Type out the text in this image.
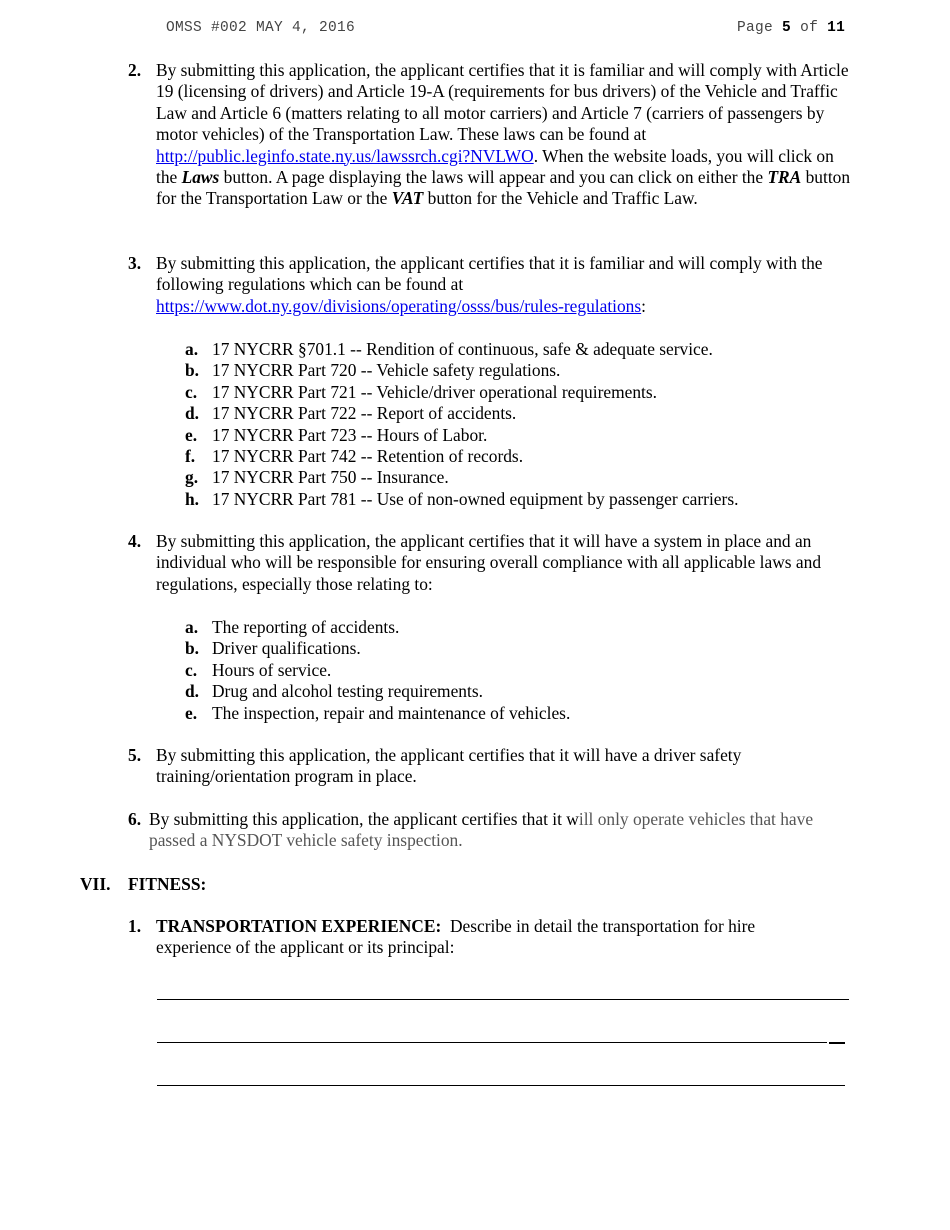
OMSS #002 MAY 4, 2016	Page 5 of 11
2. By submitting this application, the applicant certifies that it is familiar and will comply with Article 19 (licensing of drivers) and Article 19-A (requirements for bus drivers) of the Vehicle and Traffic Law and Article 6 (matters relating to all motor carriers) and Article 7 (carriers of passengers by motor vehicles) of the Transportation Law. These laws can be found at http://public.leginfo.state.ny.us/lawssrch.cgi?NVLWO. When the website loads, you will click on the Laws button. A page displaying the laws will appear and you can click on either the TRA button for the Transportation Law or the VAT button for the Vehicle and Traffic Law.
3. By submitting this application, the applicant certifies that it is familiar and will comply with the following regulations which can be found at
https://www.dot.ny.gov/divisions/operating/osss/bus/rules-regulations:
a. 17 NYCRR §701.1 -- Rendition of continuous, safe & adequate service.
b. 17 NYCRR Part 720 -- Vehicle safety regulations.
c. 17 NYCRR Part 721 -- Vehicle/driver operational requirements.
d. 17 NYCRR Part 722 -- Report of accidents.
e. 17 NYCRR Part 723 -- Hours of Labor.
f. 17 NYCRR Part 742 -- Retention of records.
g. 17 NYCRR Part 750 -- Insurance.
h. 17 NYCRR Part 781 -- Use of non-owned equipment by passenger carriers.
4. By submitting this application, the applicant certifies that it will have a system in place and an individual who will be responsible for ensuring overall compliance with all applicable laws and regulations, especially those relating to:
a. The reporting of accidents.
b. Driver qualifications.
c. Hours of service.
d. Drug and alcohol testing requirements.
e. The inspection, repair and maintenance of vehicles.
5. By submitting this application, the applicant certifies that it will have a driver safety training/orientation program in place.
6. By submitting this application, the applicant certifies that it will only operate vehicles that have passed a NYSDOT vehicle safety inspection.
VII. FITNESS:
1. TRANSPORTATION EXPERIENCE:  Describe in detail the transportation for hire experience of the applicant or its principal:
